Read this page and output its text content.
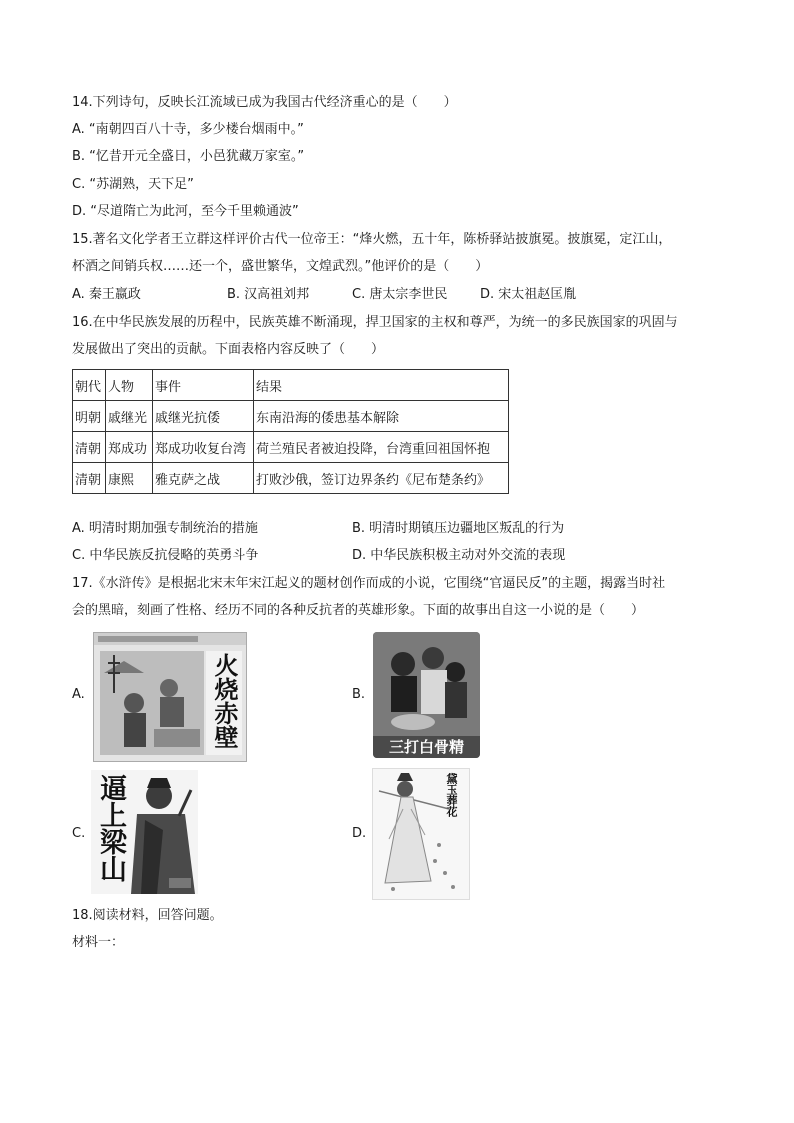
14.下列诗句，反映长江流域已成为我国古代经济重心的是（　　）
A. “南朝四百八十寺，多少楼台烟雨中。”
B. “忆昔开元全盛日，小邑犹藏万家室。”
C. “苏湖熟，天下足”
D. “尽道隋亡为此河，至今千里赖通波”
15.著名文化学者王立群这样评价古代一位帝王：“烽火燃，五十年，陈桥驿站披旗冕。披旗冕，定江山，
杯酒之间销兵权……还一个，盛世繁华，文煌武烈。”他评价的是（　　）
A. 秦王嬴政	B. 汉高祖刘邦	C. 唐太宗李世民	D. 宋太祖赵匡胤
16.在中华民族发展的历程中，民族英雄不断涌现，捍卫国家的主权和尊严，为统一的多民族国家的巩固与
发展做出了突出的贡献。下面表格内容反映了（　　）
朝代	人物	事件	结果
明朝	戚继光	戚继光抗倭	东南沿海的倭患基本解除
清朝	郑成功	郑成功收复台湾	荷兰殖民者被迫投降，台湾重回祖国怀抱
清朝	康熙	雅克萨之战	打败沙俄，签订边界条约《尼布楚条约》
A. 明清时期加强专制统治的措施	B. 明清时期镇压边疆地区叛乱的行为
C. 中华民族反抗侵略的英勇斗争	D. 中华民族积极主动对外交流的表现
17.《水浒传》是根据北宋末年宋江起义的题材创作而成的小说，它围绕“官逼民反”的主题，揭露当时社
会的黑暗，刻画了性格、经历不同的各种反抗者的英雄形象。下面的故事出自这一小说的是（　　）
A.	火烧赤壁	B.
三打白骨精
C. 逼上梁山	D.
黛玉葬花
18.阅读材料，回答问题。
材料一：
